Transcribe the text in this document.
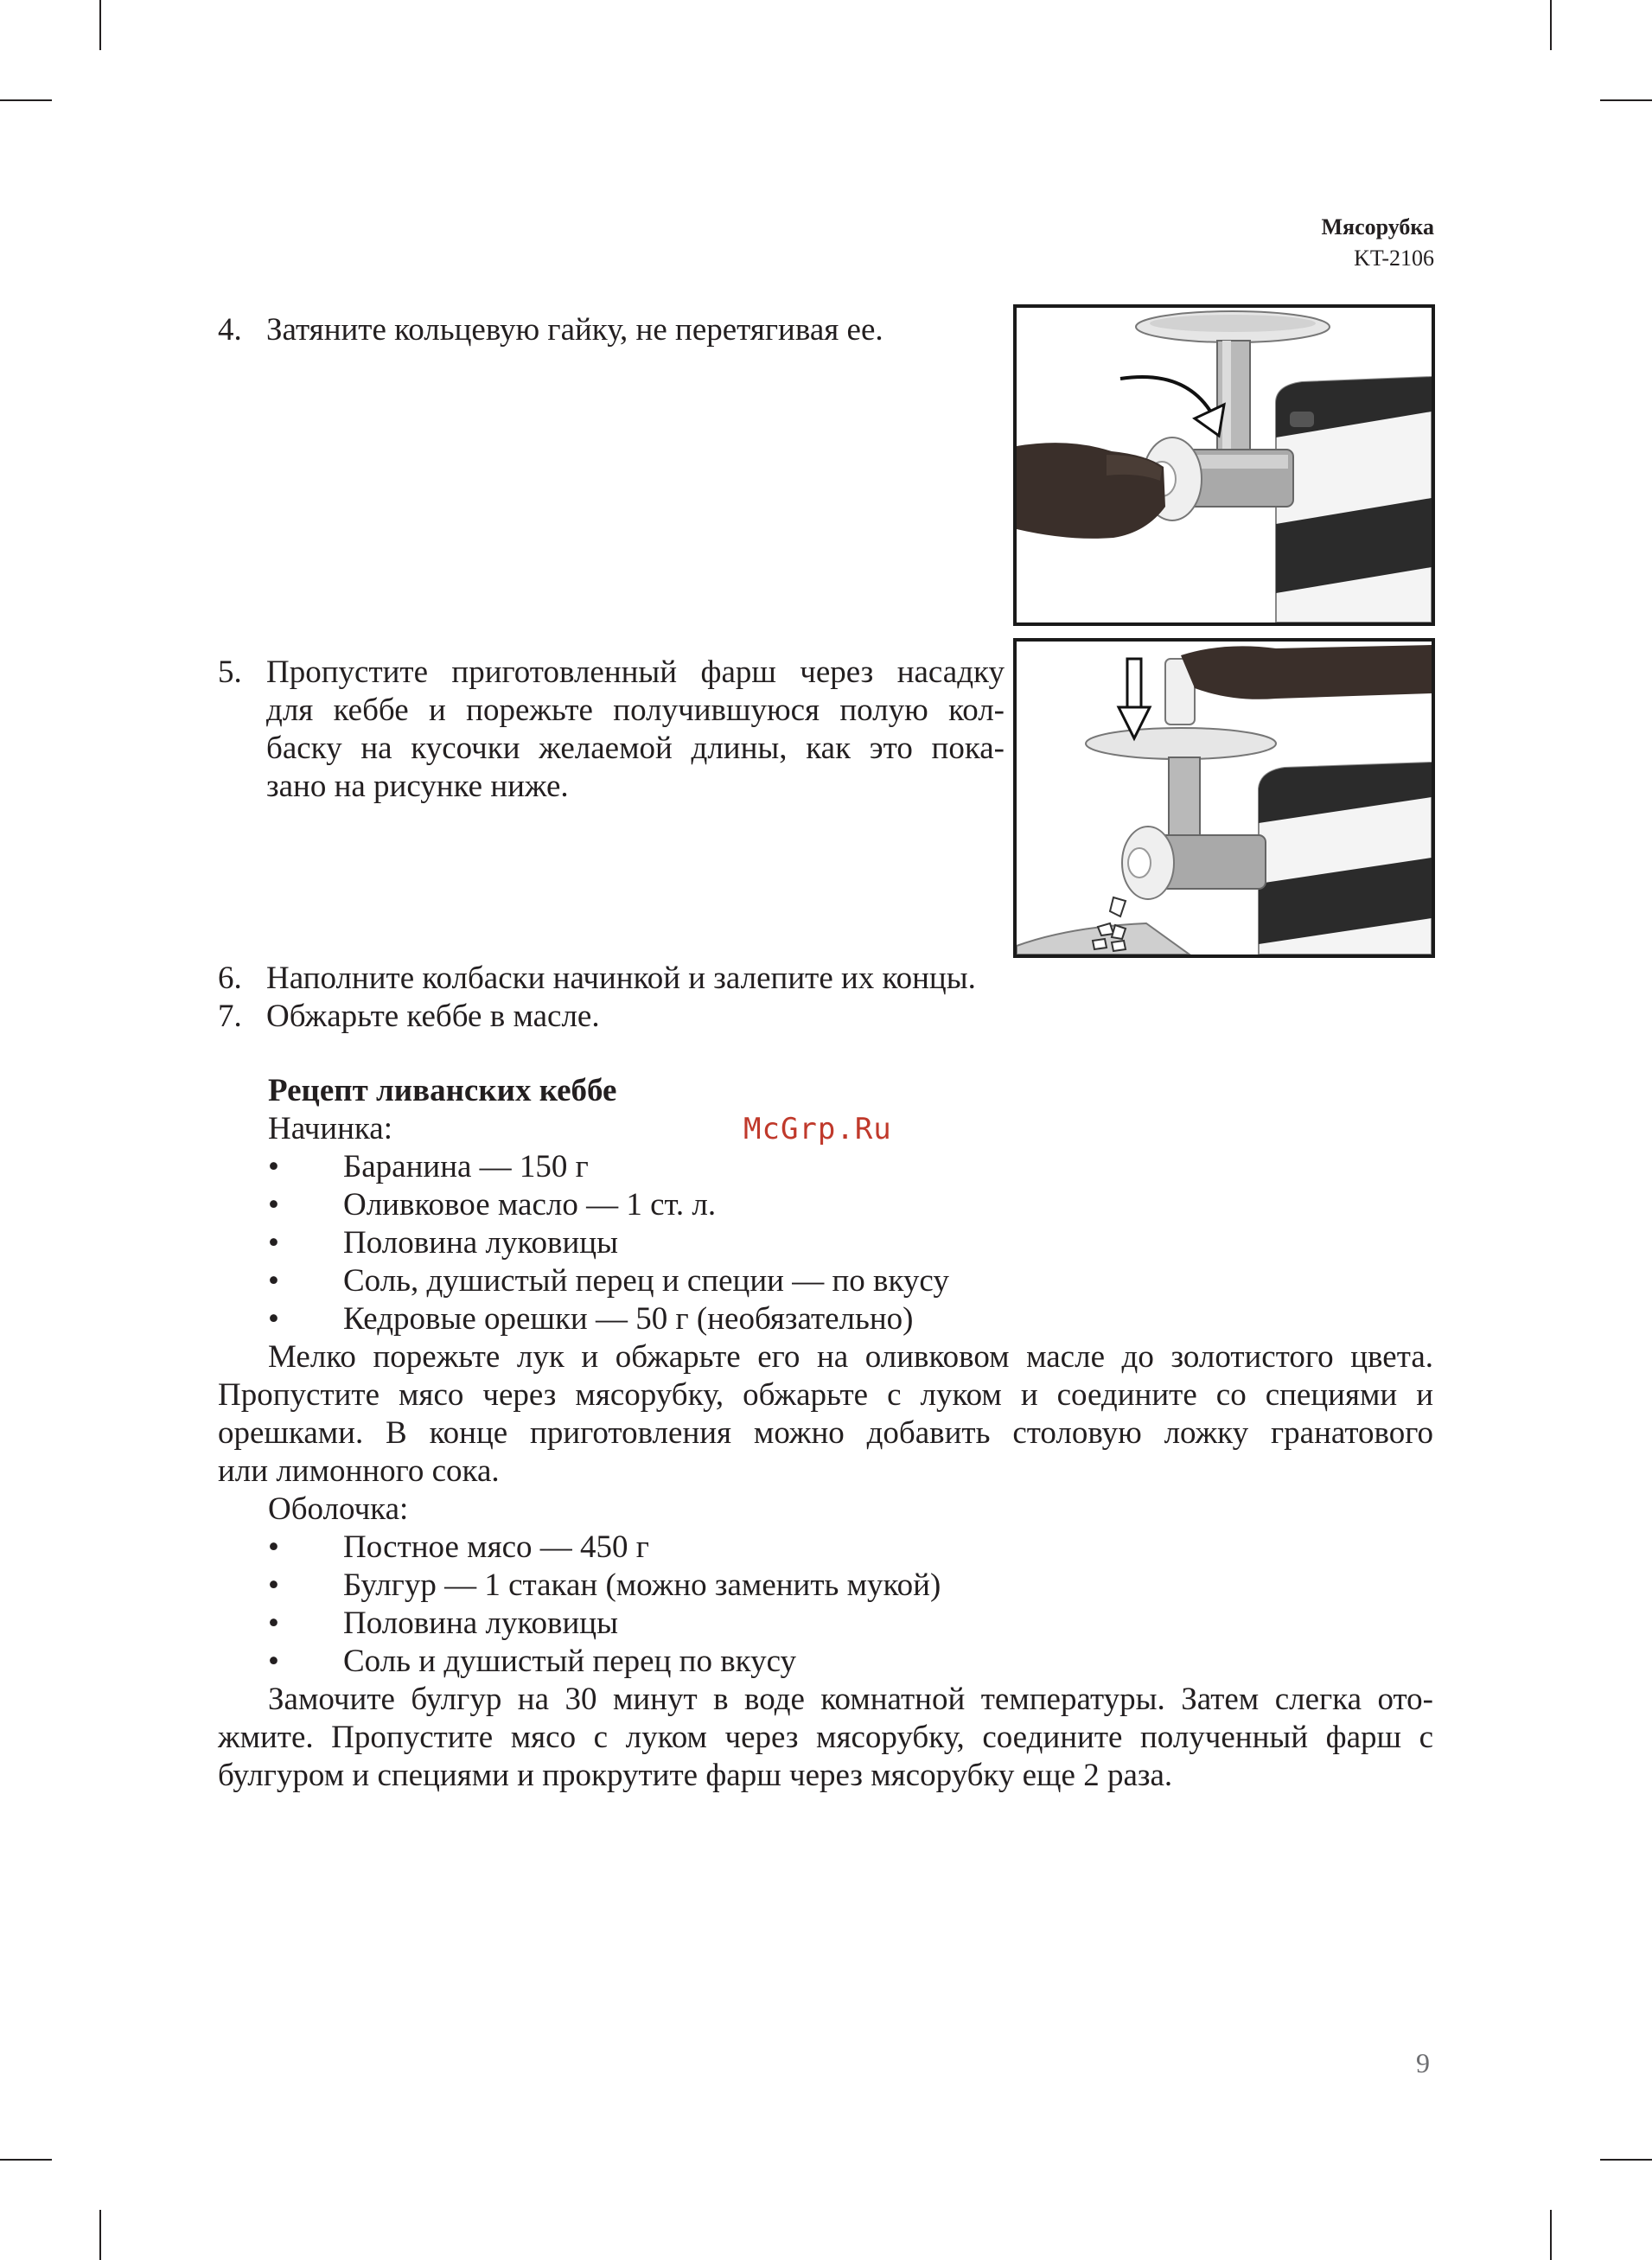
Мясорубка
KT-2106
4. Затяните кольцевую гайку, не перетягивая ее.
5. Пропустите приготовленный фарш через насадку
для кеббе и порежьте получившуюся полую кол-
баску на кусочки желаемой длины, как это пока-
зано на рисунке ниже.
6. Наполните колбаски начинкой и залепите их концы.
7. Обжарьте кеббе в масле.
Рецепт ливанских кеббе
Начинка:	McGrp.Ru
• Баранина — 150 г
• Оливковое масло — 1 ст. л.
• Половина луковицы
• Соль, душистый перец и специи — по вкусу
• Кедровые орешки — 50 г (необязательно)
Мелко порежьте лук и обжарьте его на оливковом масле до золотистого цвета.
Пропустите мясо через мясорубку, обжарьте с луком и соедините со специями и
орешками. В конце приготовления можно добавить столовую ложку гранатового
или лимонного сока.
Оболочка:
• Постное мясо — 450 г
• Булгур — 1 стакан (можно заменить мукой)
• Половина луковицы
• Соль и душистый перец по вкусу
Замочите булгур на 30 минут в воде комнатной температуры. Затем слегка ото-
жмите. Пропустите мясо с луком через мясорубку, соедините полученный фарш с
булгуром и специями и прокрутите фарш через мясорубку еще 2 раза.
9
